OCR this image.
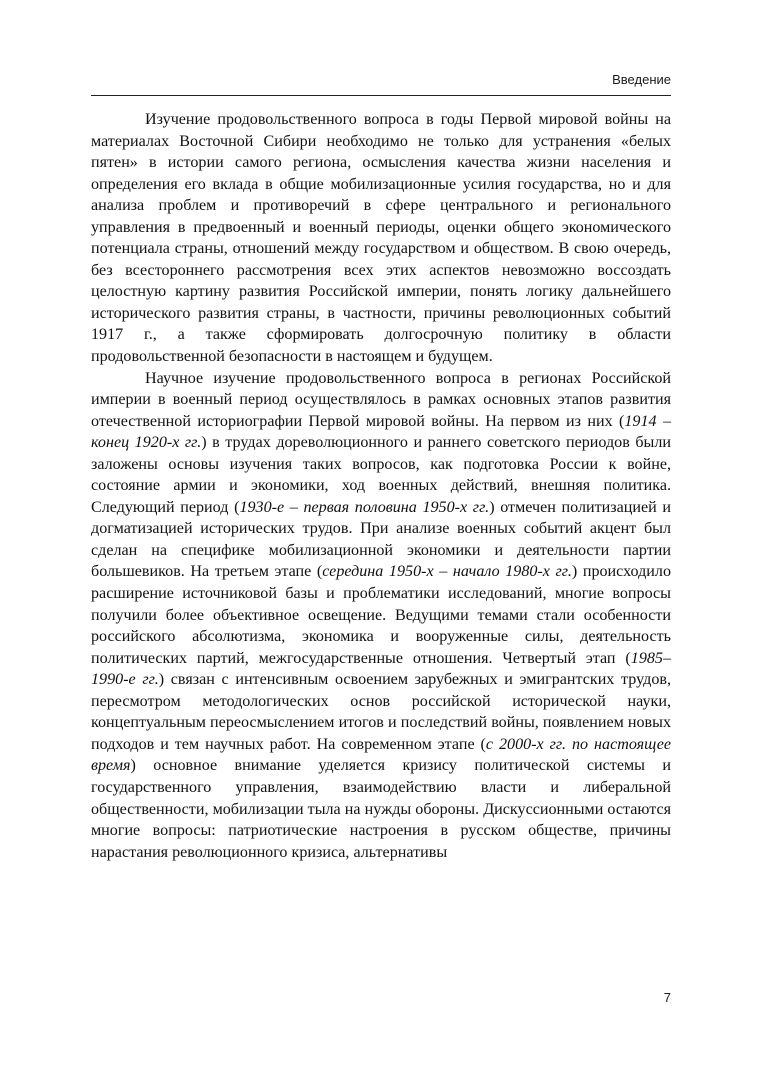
Введение

Изучение продовольственного вопроса в годы Первой мировой войны на материалах Восточной Сибири необходимо не только для устранения «белых пятен» в истории самого региона, осмысления качества жизни населения и определения его вклада в общие мобилизационные усилия государства, но и для анализа проблем и противоречий в сфере центрального и регионального управления в предвоенный и военный периоды, оценки общего экономического потенциала страны, отношений между государством и обществом. В свою очередь, без всестороннего рассмотрения всех этих аспектов невозможно воссоздать целостную картину развития Российской империи, понять логику дальнейшего исторического развития страны, в частности, причины революционных событий 1917 г., а также сформировать долгосрочную политику в области продовольственной безопасности в настоящем и будущем.

Научное изучение продовольственного вопроса в регионах Российской империи в военный период осуществлялось в рамках основных этапов развития отечественной историографии Первой мировой войны. На первом из них (1914 – конец 1920-х гг.) в трудах дореволюционного и раннего советского периодов были заложены основы изучения таких вопросов, как подготовка России к войне, состояние армии и экономики, ход военных действий, внешняя политика. Следующий период (1930-е – первая половина 1950-х гг.) отмечен политизацией и догматизацией исторических трудов. При анализе военных событий акцент был сделан на специфике мобилизационной экономики и деятельности партии большевиков. На третьем этапе (середина 1950-х – начало 1980-х гг.) происходило расширение источниковой базы и проблематики исследований, многие вопросы получили более объективное освещение. Ведущими темами стали особенности российского абсолютизма, экономика и вооруженные силы, деятельность политических партий, межгосударственные отношения. Четвертый этап (1985–1990-е гг.) связан с интенсивным освоением зарубежных и эмигрантских трудов, пересмотром методологических основ российской исторической науки, концептуальным переосмыслением итогов и последствий войны, появлением новых подходов и тем научных работ. На современном этапе (с 2000-х гг. по настоящее время) основное внимание уделяется кризису политической системы и государственного управления, взаимодействию власти и либеральной общественности, мобилизации тыла на нужды обороны. Дискуссионными остаются многие вопросы: патриотические настроения в русском обществе, причины нарастания революционного кризиса, альтернативы

7
